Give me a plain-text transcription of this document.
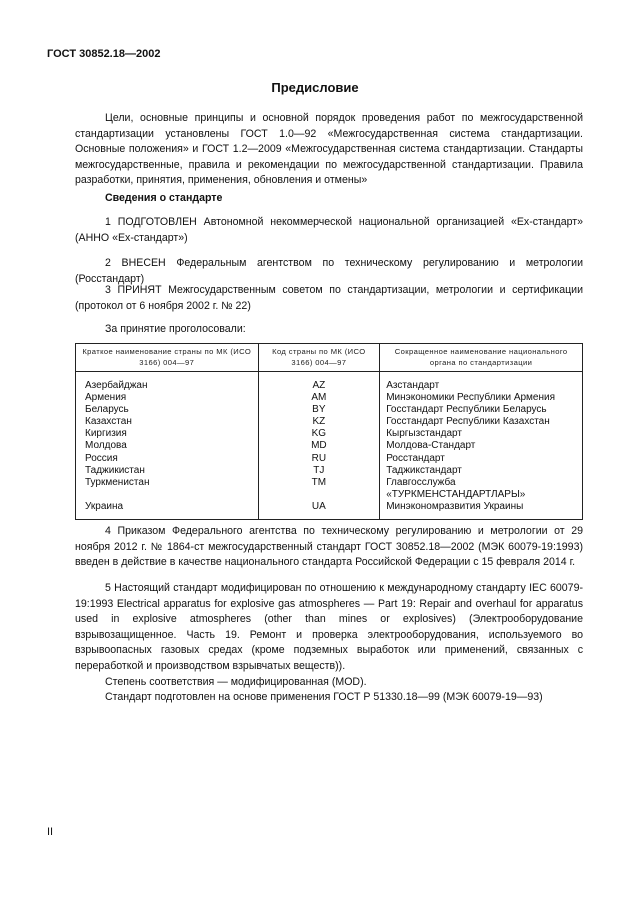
ГОСТ 30852.18—2002
Предисловие

Цели, основные принципы и основной порядок проведения работ по межгосударственной стандартизации установлены ГОСТ 1.0—92 «Межгосударственная система стандартизации. Основные положения» и ГОСТ 1.2—2009 «Межгосударственная система стандартизации. Стандарты межгосударственные, правила и рекомендации по межгосударственной стандартизации. Правила разработки, принятия, применения, обновления и отмены»

Сведения о стандарте

1 ПОДГОТОВЛЕН Автономной некоммерческой национальной организацией «Ех-стандарт» (АННО «Ех-стандарт»)

2 ВНЕСЕН Федеральным агентством по техническому регулированию и метрологии (Росстандарт)

3 ПРИНЯТ Межгосударственным советом по стандартизации, метрологии и сертификации (протокол от 6 ноября 2002 г. № 22)

За принятие проголосовали:

Краткое наименование страны по МК (ИСО 3166) 004—97	Код страны по МК (ИСО 3166) 004—97	Сокращенное наименование национального органа по стандартизации
Азербайджан	AZ	Азстандарт
Армения	AM	Минэкономики Республики Армения
Беларусь	BY	Госстандарт Республики Беларусь
Казахстан	KZ	Госстандарт Республики Казахстан
Киргизия	KG	Кыргызстандарт
Молдова	MD	Молдова-Стандарт
Россия	RU	Росстандарт
Таджикистан	TJ	Таджикстандарт
Туркменистан	TM	Главгосслужба «ТУРКМЕНСТАНДАРТЛАРЫ»
Украина	UA	Минэкономразвития Украины

4 Приказом Федерального агентства по техническому регулированию и метрологии от 29 ноября 2012 г. № 1864-ст межгосударственный стандарт ГОСТ 30852.18—2002 (МЭК 60079-19:1993) введен в действие в качестве национального стандарта Российской Федерации с 15 февраля 2014 г.

5 Настоящий стандарт модифицирован по отношению к международному стандарту IEC 60079-19:1993 Electrical apparatus for explosive gas atmospheres — Part 19: Repair and overhaul for apparatus used in explosive atmospheres (other than mines or explosives) (Электрооборудование взрывозащищенное. Часть 19. Ремонт и проверка электрооборудования, используемого во взрывоопасных газовых средах (кроме подземных выработок или применений, связанных с переработкой и производством взрывчатых веществ)).

Степень соответствия — модифицированная (MOD).

Стандарт подготовлен на основе применения ГОСТ Р 51330.18—99 (МЭК 60079-19—93)

II
